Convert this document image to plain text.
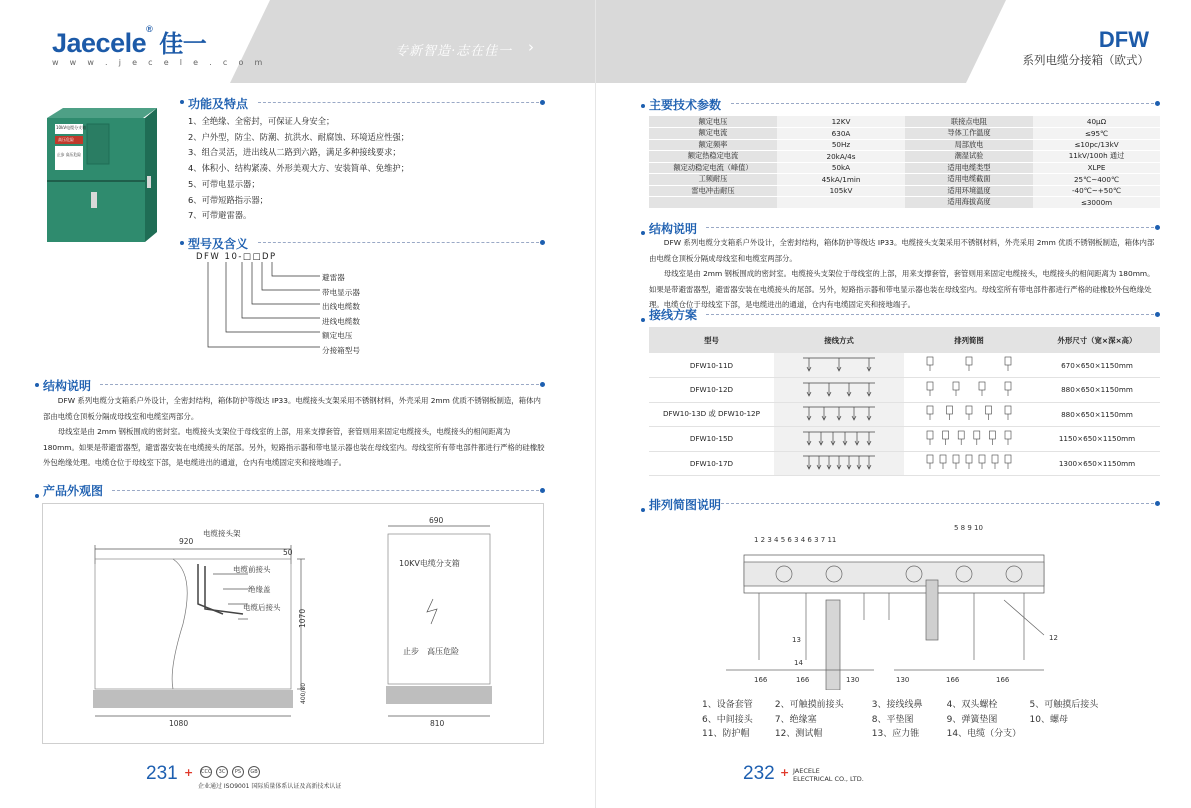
Jaecele® 佳一
w w w . j e c e l e . c o m
专新智造·志在佳一 ›
10kV电缆分支箱
高压危险
止步 高压危险
功能及特点
1、全绝缘、全密封，可保证人身安全；
2、户外型，防尘、防潮、抗洪水、耐腐蚀、环境适应性强；
3、组合灵活，进出线从二路到六路，满足多种接线要求；
4、体积小、结构紧凑、外形美观大方、安装简单、免维护；
5、可带电显示器；
6、可带短路指示器；
7、可带避雷器。
型号及含义
DFW 10-□□DP
避雷器
带电显示器
出线电缆数
进线电缆数
额定电压
分接箱型号
结构说明

DFW 系列电缆分支箱系户外设计，全密封结构，箱体防护等级达 IP33。电缆接头支架采用不锈钢材料，外壳采用 2mm 优质不锈钢板制造，箱体内部由电缆仓顶板分隔成母线室和电缆室两部分。

母线室是由 2mm 钢板围成的密封室。电缆接头支架位于母线室的上部，用来支撑套管，套管则用来固定电缆接头，电缆接头的相间距离为 180mm。如果是带避雷器型，避雷器安装在电缆接头的尾部。另外，短路指示器和带电显示器也装在母线室内。母线室所有带电部件都进行严格的硅橡胶外包绝缘处理。电缆仓位于母线室下部，是电缆进出的通道，仓内有电缆固定夹和接地端子。

产品外观图
920
50
1070
1080
400/80
690
810
电缆接头架
电缆前接头
绝缘盖
电缆后接头
10KV电缆分支箱
止步　高压危险
231 + CCC	3C	PS	GB
企业通过 ISO9001 国际质量体系认证及高新技术认证
DFW
系列电缆分接箱（欧式）
主要技术参数
额定电压	12KV	联接点电阻	40μΩ
额定电流	630A	导体工作温度	≤95℃
额定频率	50Hz	局部放电	≤10pc/13kV
额定热稳定电流	20kA/4s	潮湿试验	11kV/100h 通过
额定动稳定电流（峰值）	50kA	适用电缆类型	XLPE
工频耐压	45kA/1min	适用电缆截面	25℃~400℃
雷电冲击耐压	105kV	适用环境温度	-40℃~+50℃
		适用海拔高度	≤3000m
结构说明

DFW 系列电缆分支箱系户外设计，全密封结构，箱体防护等级达 IP33。电缆接头支架采用不锈钢材料，外壳采用 2mm 优质不锈钢板制造，箱体内部由电缆仓顶板分隔成母线室和电缆室两部分。

母线室是由 2mm 钢板围成的密封室。电缆接头支架位于母线室的上部，用来支撑套管，套管则用来固定电缆接头，电缆接头的相间距离为 180mm。如果是带避雷器型，避雷器安装在电缆接头的尾部。另外，短路指示器和带电显示器也装在母线室内。母线室所有带电部件都进行严格的硅橡胶外包绝缘处理。电缆仓位于母线室下部，是电缆进出的通道，仓内有电缆固定夹和接地端子。

接线方案
型号	接线方式	排列简图	外形尺寸（宽×深×高）
DFW10-11D			670×650×1150mm
DFW10-12D			880×650×1150mm
DFW10-13D 或 DFW10-12P			880×650×1150mm
DFW10-15D			1150×650×1150mm
DFW10-17D			1300×650×1150mm
排列简图说明
1 2 3 4 5 6 3 4 6 3 7 11
5 8 9 10
166	166	130	130	166	166
13
14
12
1、设备套管 2、可触摸前接头	3、接线线鼻	4、双头螺栓	5、可触摸后接头
6、中间接头 7、绝缘塞	8、平垫图	9、弹簧垫图	10、螺母
11、防护帽	12、测试帽	13、应力锥	14、电缆（分支）
232 + JAECELE
ELECTRICAL CO., LTD.
